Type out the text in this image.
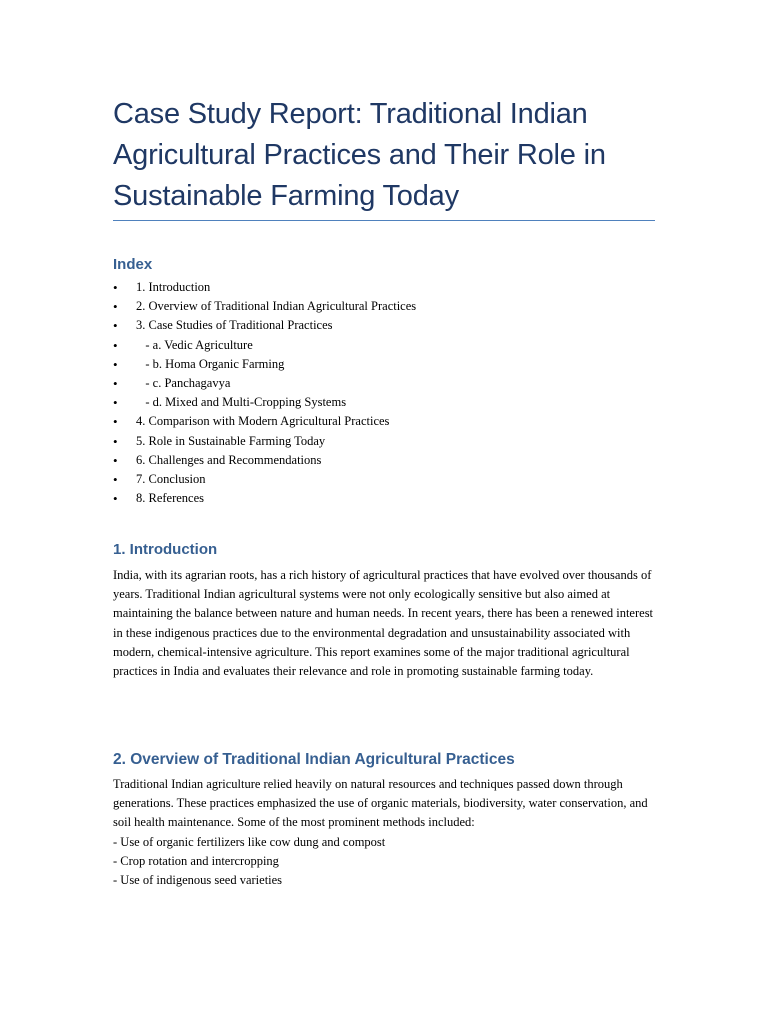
Case Study Report: Traditional Indian Agricultural Practices and Their Role in Sustainable Farming Today
Index
• 1. Introduction
• 2. Overview of Traditional Indian Agricultural Practices
• 3. Case Studies of Traditional Practices
• - a. Vedic Agriculture
• - b. Homa Organic Farming
• - c. Panchagavya
• - d. Mixed and Multi-Cropping Systems
• 4. Comparison with Modern Agricultural Practices
• 5. Role in Sustainable Farming Today
• 6. Challenges and Recommendations
• 7. Conclusion
• 8. References
1. Introduction

India, with its agrarian roots, has a rich history of agricultural practices that have evolved over thousands of years. Traditional Indian agricultural systems were not only ecologically sensitive but also aimed at maintaining the balance between nature and human needs. In recent years, there has been a renewed interest in these indigenous practices due to the environmental degradation and unsustainability associated with modern, chemical-intensive agriculture. This report examines some of the major traditional agricultural practices in India and evaluates their relevance and role in promoting sustainable farming today.

2. Overview of Traditional Indian Agricultural Practices
Traditional Indian agriculture relied heavily on natural resources and techniques passed down through generations. These practices emphasized the use of organic materials, biodiversity, water conservation, and soil health maintenance. Some of the most prominent methods included:
- Use of organic fertilizers like cow dung and compost
- Crop rotation and intercropping
- Use of indigenous seed varieties
